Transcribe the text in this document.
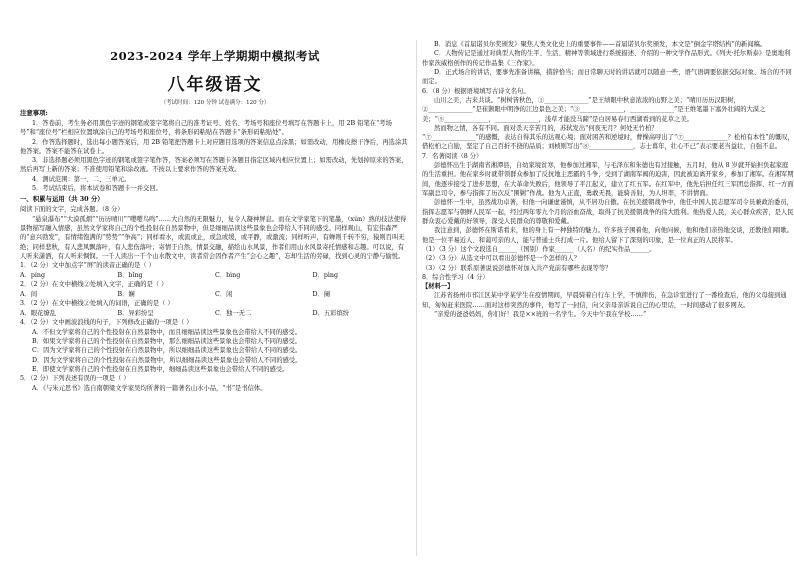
2023-2024 学年上学期期中模拟考试
八年级语文
（考试时间：120 分钟 试卷满分：120 分）

注意事项:

1．答卷前，考生务必用黑色字迹的钢笔或签字笔将自己的准考证号、姓名、考场号和座位号填写在答题卡上，用 2B 铅笔在“考场号”和“座位号”栏相应位置填涂自己的考场号和座位号，将条形码粘贴在答题卡“条形码粘贴处”。

2．作答选择题时，选出每小题答案后，用 2B 铅笔把答题卡上对应题目选项的答案信息点涂黑；如需改动，用橡皮擦干净后，再选涂其他答案。答案不能答在试卷上。

3．非选择题必须用黑色字迹的钢笔或签字笔作答，答案必须写在答题卡各题目指定区域内相应位置上；如需改动，先划掉原来的答案，然后再写上新的答案；不准使用铅笔和涂改液。不按以上要求作答的答案无效。

4．测试范围：第一、二、三单元。

5．考试结束后，将本试卷和答题卡一并交回。

一、积累与运用（共 30 分）

阅读下面的文字，完成各题。（8 分）

“悬泉瀑布”“大漠孤烟”“历历晴川”“嘤嘤鸟鸣”……大自然的无限魅力，复令人凝神屏息。而在文学家笔下的笔墨，（xún）熟的技法使得景物描写融入情感，虽然文学家将自己的个性投射在自然景物中，但是细细品读这些景象也会带给人不同的感受。同样观山，有宏伟森严的“意兴勃发”，有情绪饱满的“势势”“争高”；同样看水，或流或止，或急或缓，或平静，或激流；同样听声，有蝉则千转不穷，猿则百叫无绝；同样悲秋，有人悲风飘落叶，有人悲伤落叶；寄情于自然，情景交融，描绘山水风景，作者们用山水风景寄托情感和志趣。可以说，有人听来潇洒，有人听来惆悯。一千人读出一千个山水散文中，读者常会因作者产生“会心之趣”，忘却生活的劳碌，找到心灵的宁静与愉悦。

1．（2 分）文中加点字“屏”的读音正确的是（ ）

A．píng	B．bǐng	C．bìng	D．pìng

2．（2 分）在文中横线②处填入文字，正确的是（ ）

A．间	B．娴	C．闲	D．阑

3．（2 分）在文中横线②处填入的词语，正确的是（ ）

A．眼花缭乱	B．异彩纷呈	C．独一无二	D．五彩缤纷

4．（2 分）文中画波浪线的句子，下列修改正确的一项是（ ）

A．不但文学家将自己的个性投射在自然景物中，而且细细品读这些景象也会带给人不同的感受。

B．如果文学家将自己的个性投射在自然景物中，那么细细品读这些景象也会带给人不同的感受。

C．因为文学家将自己的个性投射在自然景物中，所以细细品读这些景象也会带给人不同的感受。

D．因为文学家将自己的个性投射在自然景物中，所以细细品读这些景象也会带给人不同的感受。

E．即使文学家将自己的个性投射在自然景物中，细细品读这些景象也会带给人不同的感受。

5．（2 分）下列表述有误的一项是（ ）

A．《与朱元思书》选自南朝梁文学家吴均所著的一篇著名山水小品，“书”是书信体。

B．消息《首届诺贝尔奖颁发》聚焦人类文化史上的重要事件——首届诺贝尔奖颁发，本文是“倒金字塔结构”的新闻稿。

C．人物传记是通过对典型人物的生平、生活、精神等领域进行系统描述、介绍的一种文学作品形式。《列夫·托尔斯泰》是奥地利作家茨威格创作的传记作品集《三作家》。

D．正式场合的讲话，要事先准备讲稿，措辞恰当；而日常聊天时的讲话就可以随意一些，语气语调要依据交际对象、场合的不同而定。

6．（8 分）根据语境填写古诗文名句。

山川之美，古来共谈。“树树皆秋色，①______________”是王绩眼中秋意浓浓的山野之美；“晴川历历汉阳树，②______________”是崔颢眼中明净的江边景色之美；“③______________，______________”是王维笔墨下塞外壮阔的大漠之美；“⑤______________，______________，浅草才能没马蹄”是白居易春行西湖看到的花草之美。

然而物之情，各有不同。面对杀天辛苦月的，苏轼发出“何夜无月？何处无竹柏？

“⑦______________”的感慨，表达自得其乐的达观心境；面对困苦和逆境时，曹操高呼出了“⑦______________？松柏有本性”的慨叹，借松柏之自励，坚定了自己百折不挠的品质；刘桢则写出“⑧______________，志士暮年，壮心不已”表示要老当益壮，自强不息。

7．名著阅读（8 分）

彭德怀出生于湖南省湘潭县，自幼家境贫寒，他参加过湘军，与毛泽东和朱德也有过接触，五月时，他从 8 岁就开始担负起家庭的生活重担。他在家乡时就带领群众参加了反抗地主恶霸的斗争，受到了湖南军阀的迫害，因此被迫离开家乡，参加了湘军。在湘军期间，他逐步接受了进步思想，在大革命失败后，他领导了平江起义，建立了红五军。在红军中，他先后担任红三军团总指挥、红一方面军副总司令，参与指挥了历次反“围剿”作战。他为人正直，勇敢无畏，能骑善射，为人坦率，不讲情面。

彭德怀一生中，虽然战功卓著，但他一向谦虚谨慎，从不居功自傲。在抗美援朝战争中，他任中国人民志愿军司令员兼政治委员，指挥志愿军与朝鲜人民军一起，经过两年零九个月的浴血奋战，取得了抗美援朝战争的伟大胜利。他热爱人民，关心群众疾苦，是人民群众衷心爱戴的好领导，深受人民群众的尊敬和爱戴。

我注意到，彭德怀在斯诺看来，他的身上有一种独特的魅力。许多孩子围着他，向他问候，他和他们亲热地交谈，还教他们唱歌。他是一位平易近人、和蔼可亲的人，能与普通士兵打成一片。他给人留下了深刻的印象，是一位真正的人民将军。

（1）（3 分）这个文段选自______（国别）作家______（人名）的纪实作品______。

（2）（3 分）从选文中可以看出彭德怀是一个怎样的人？

（3）（2 分）联系原著说说彭德怀对加入共产党前有哪些表现等等？

8．综合性学习（4 分）

【材料一】

江苏省扬州市邗江区某中学某学生在疫情期间，早晨骑着自行车上学，不慎摔伤，在急诊室进行了一番检查后，他的父母接到通知，匆匆赶来医院……面对这样突然的事件，他写了一封信，向父亲母亲诉说自己的心里话，一时间感动了很多网友。

“亲爱的爸爸妈妈，你们好！我是××班的一名学生。今天中午我在学校……”
